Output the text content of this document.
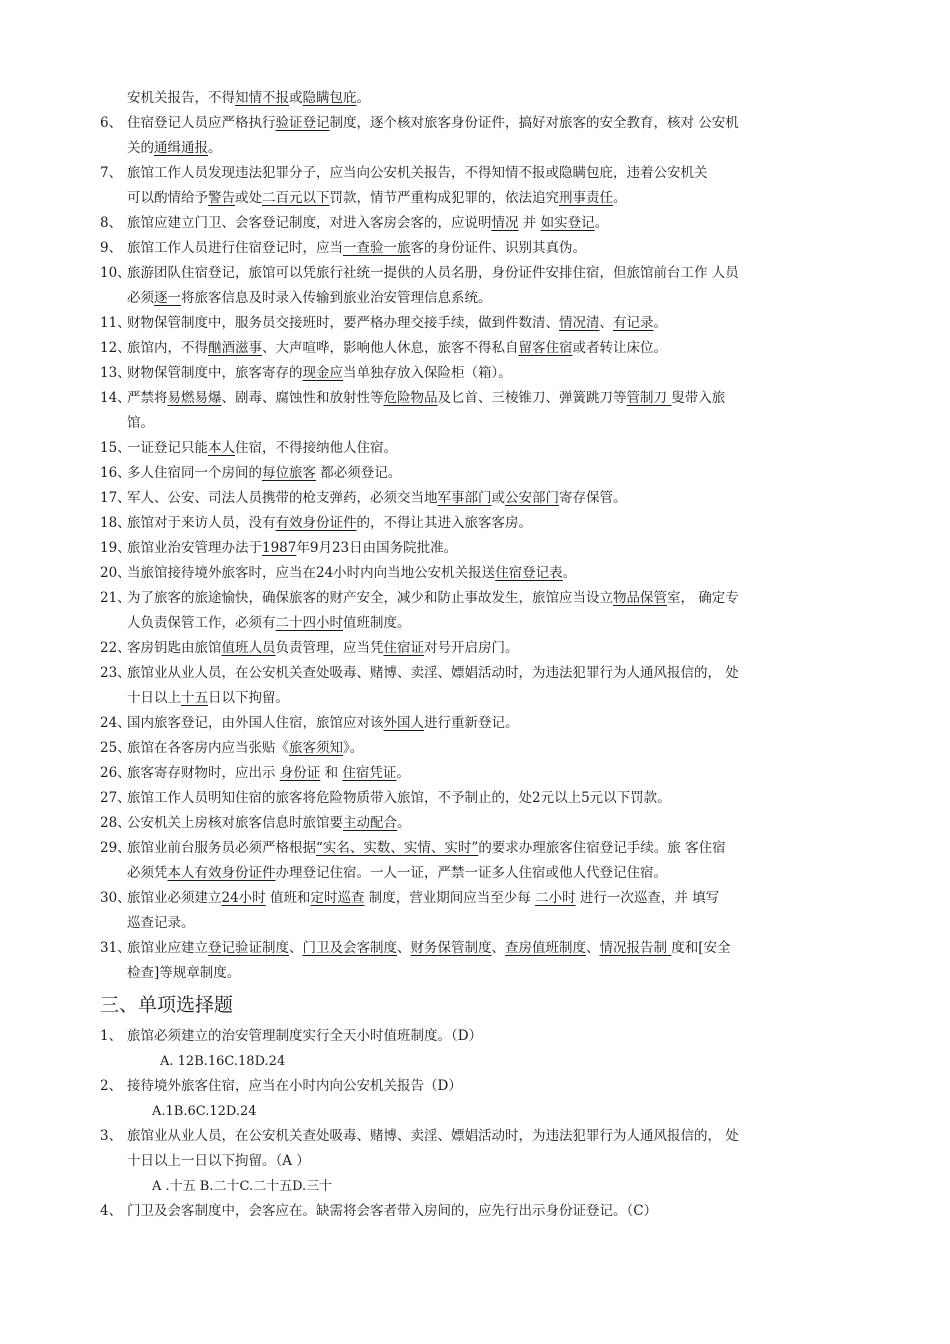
安机关报告，不得知情不报或隐瞒包庇。
6、 住宿登记人员应严格执行验证登记制度，逐个核对旅客身份证件，搞好对旅客的安全教育，核对 公安机
关的通缉通报。
7、 旅馆工作人员发现违法犯罪分子，应当向公安机关报告，不得知情不报或隐瞒包庇，违着公安机关
可以酌情给予警告或处二百元以下罚款，情节严重构成犯罪的，依法追究刑事责任。
8、 旅馆应建立门卫、会客登记制度，对进入客房会客的，应说明情况 并 如实登记。
9、 旅馆工作人员进行住宿登记时，应当一查验一旅客的身份证件、识别其真伪。
10、
旅游团队住宿登记，旅馆可以凭旅行社统一提供的人员名册，身份证件安排住宿，但旅馆前台工作 人员
必须逐一将旅客信息及时录入传输到旅业治安管理信息系统。
11、
财物保管制度中，服务员交接班时，要严格办理交接手续，做到件数清、情况清、有记录。
12、
旅馆内，不得酗酒滋事、大声喧哗，影响他人休息，旅客不得私自留客住宿或者转让床位。
13、
财物保管制度中，旅客寄存的现金应当单独存放入保险柜（箱）。
14、
严禁将易燃易爆、剧毒、腐蚀性和放射性等危险物品及匕首、三棱锥刀、弹簧跳刀等管制刀 叟带入旅
馆。
15、
一证登记只能本人住宿，不得接纳他人住宿。
16、
多人住宿同一个房间的每位旅客 都必须登记。
17、
军人、公安、司法人员携带的枪支弹药，必须交当地军事部门或公安部门寄存保管。
18、
旅馆对于来访人员，没有有效身份证件的，不得让其进入旅客客房。
19、
旅馆业治安管理办法于1987年9月23日由国务院批准。
20、
当旅馆接待境外旅客时，应当在24小时内向当地公安机关报送住宿登记表。
21、
为了旅客的旅途愉快，确保旅客的财产安全，减少和防止事故发生，旅馆应当设立物品保管室， 确定专
人负责保管工作，必须有二十四小时值班制度。
22、
客房钥匙由旅馆值班人员负责管理，应当凭住宿证对号开启房门。
23、
旅馆业从业人员，在公安机关查处吸毒、赌博、卖淫、嫖娼活动时，为违法犯罪行为人通风报信的， 处
十日以上十五日以下拘留。
24、
国内旅客登记，由外国人住宿，旅馆应对该外国人进行重新登记。
25、
旅馆在各客房内应当张贴《旅客须知》。
26、
旅客寄存财物时，应出示 身份证 和 住宿凭证。
27、
旅馆工作人员明知住宿的旅客将危险物质带入旅馆，不予制止的，处2元以上5元以下罚款。
28、
公安机关上房核对旅客信息时旅馆要主动配合。
29、
旅馆业前台服务员必须严格根据“实名、实数、实情、实时”的要求办理旅客住宿登记手续。旅 客住宿
必须凭本人有效身份证件办理登记住宿。一人一证，严禁一证多人住宿或他人代登记住宿。
30、
旅馆业必须建立24小时 值班和定时巡查 制度，营业期间应当至少每 二小时 进行一次巡查，并 填写
巡查记录。
31、
旅馆业应建立登记验证制度、门卫及会客制度、财务保管制度、查房值班制度、情况报告制 度和[安全
检查]等规章制度。
三、单项选择题
1、 旅馆必须建立的治安管理制度实行全天小时值班制度。（D）
A. 12B.16C.18D.24
2、 接待境外旅客住宿，应当在小时内向公安机关报告（D）
A.1B.6C.12D.24
3、 旅馆业从业人员，在公安机关查处吸毒、赌博、卖淫、嫖娼活动时，为违法犯罪行为人通风报信的， 处
十日以上一日以下拘留。（A ）
A .十五 B.二十C.二十五D.三十
4、 门卫及会客制度中，会客应在。缺需将会客者带入房间的，应先行出示身份证登记。（C）
